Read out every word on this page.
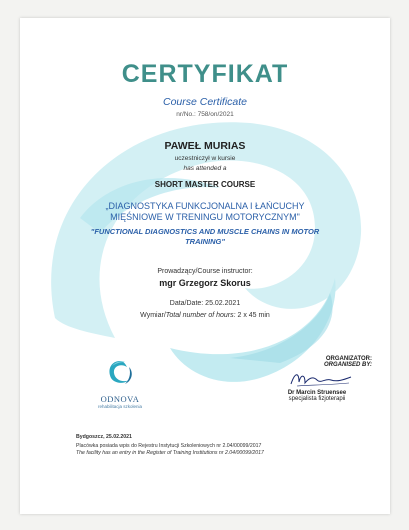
CERTYFIKAT
Course Certificate
nr/No.: 758/on/2021
PAWEŁ MURIAS
uczestniczył w kursie
has attended a
SHORT MASTER COURSE
„DIAGNOSTYKA FUNKCJONALNA I ŁAŃCUCHY
MIĘŚNIOWE W TRENINGU MOTORYCZNYM"
"FUNCTIONAL DIAGNOSTICS AND MUSCLE CHAINS IN MOTOR
TRAINING"
Prowadzący/Course instructor:
mgr Grzegorz Skorus
Data/Date: 25.02.2021
Wymiar/Total number of hours: 2 x 45 min
ODNOVA
rehabilitacja szkolenia
ORGANIZATOR:
ORGANISED BY:
Dr Marcin Struensee
specjalista fizjoterapii
Bydgoszcz, 25.02.2021
Placówka posiada wpis do Rejestru Instytucji Szkoleniowych nr 2.04/00099/2017
The facility has an entry in the Register of Training Institutions nr 2.04/00099/2017
